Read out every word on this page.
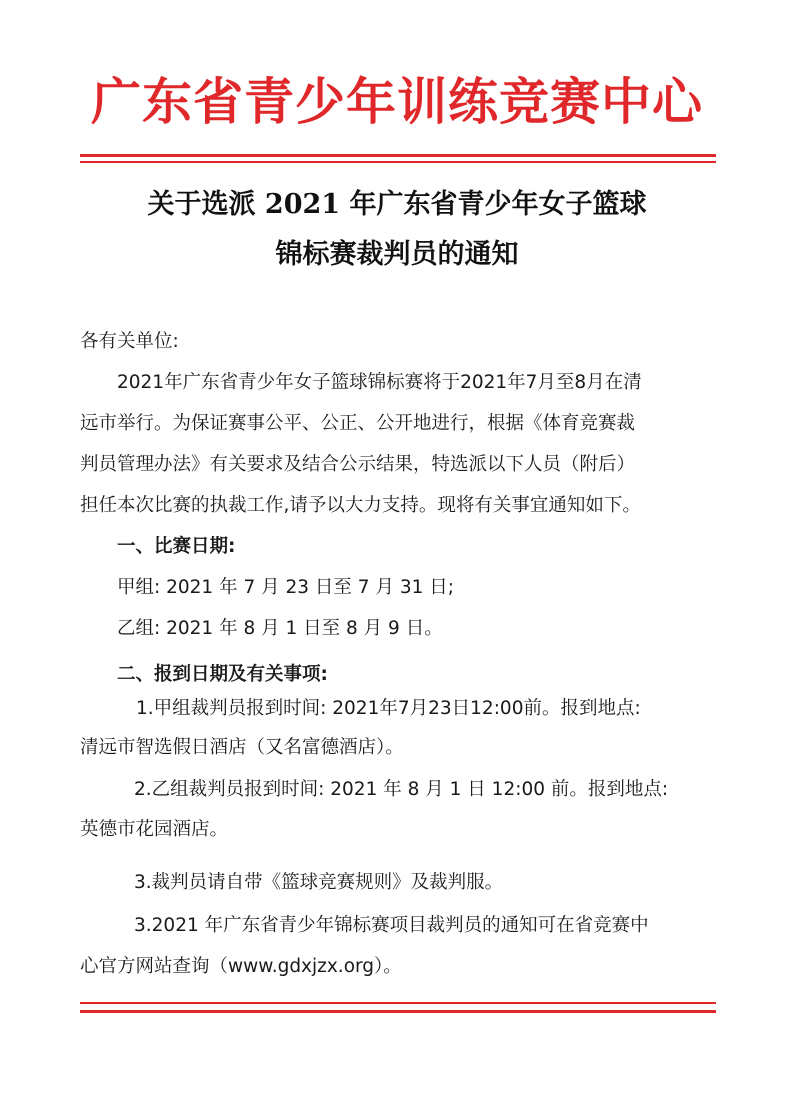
广东省青少年训练竞赛中心
关于选派 2021 年广东省青少年女子篮球
锦标赛裁判员的通知
各有关单位:
2021年广东省青少年女子篮球锦标赛将于2021年7月至8月在清
远市举行。为保证赛事公平、公正、公开地进行，根据《体育竞赛裁
判员管理办法》有关要求及结合公示结果，特选派以下人员（附后）
担任本次比赛的执裁工作,请予以大力支持。现将有关事宜通知如下。
一、比赛日期:
甲组: 2021 年 7 月 23 日至 7 月 31 日;
乙组: 2021 年 8 月 1 日至 8 月 9 日。
二、报到日期及有关事项:
1.甲组裁判员报到时间: 2021年7月23日12:00前。报到地点:
清远市智选假日酒店（又名富德酒店）。
2.乙组裁判员报到时间: 2021 年 8 月 1 日 12:00 前。报到地点:
英德市花园酒店。
3.裁判员请自带《篮球竞赛规则》及裁判服。
3.2021 年广东省青少年锦标赛项目裁判员的通知可在省竞赛中
心官方网站查询（www.gdxjzx.org）。
